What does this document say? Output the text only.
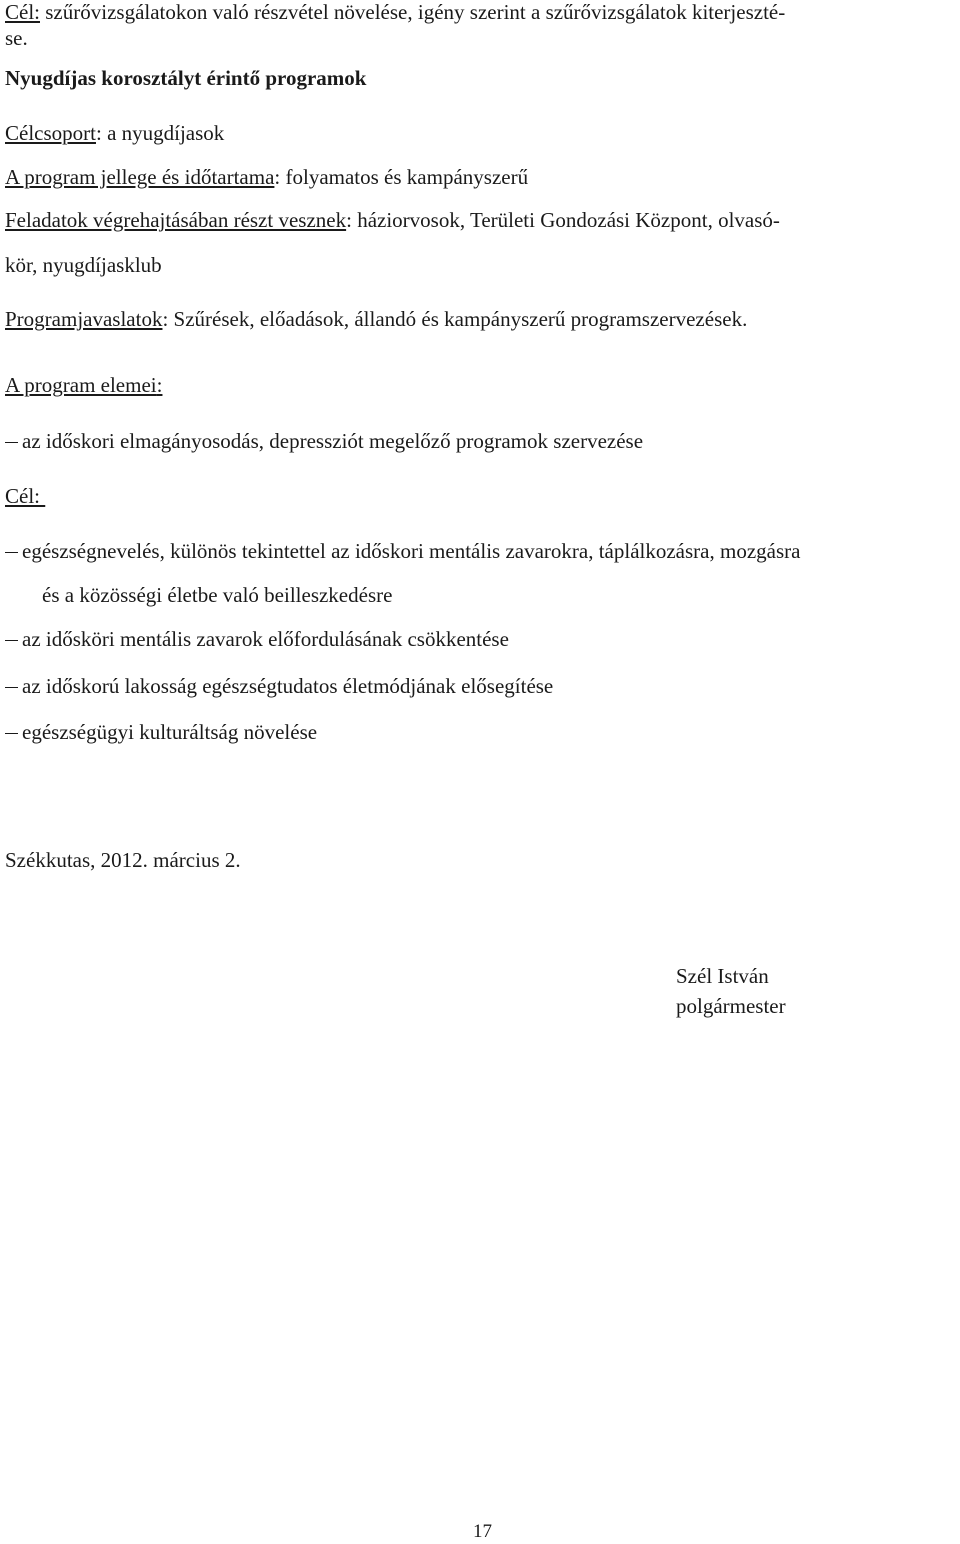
Cél: szűrővizsgálatokon való részvétel növelése, igény szerint a szűrővizsgálatok kiterjeszté-
se.
Nyugdíjas korosztályt érintő programok
Célcsoport: a nyugdíjasok
A program jellege és időtartama: folyamatos és kampányszerű
Feladatok végrehajtásában részt vesznek: háziorvosok, Területi Gondozási Központ, olvasó-
kör, nyugdíjasklub
Programjavaslatok: Szűrések, előadások, állandó és kampányszerű programszervezések.
A program elemei:
az időskori elmagányosodás, depressziót megelőző programok szervezése
Cél:
egészségnevelés, különös tekintettel az időskori mentális zavarokra, táplálkozásra, mozgásra
és a közösségi életbe való beilleszkedésre
az idősköri mentális zavarok előfordulásának csökkentése
az időskorú lakosság egészségtudatos életmódjának elősegítése
egészségügyi kulturáltság növelése
Székkutas, 2012. március 2.
Szél István
polgármester
17
